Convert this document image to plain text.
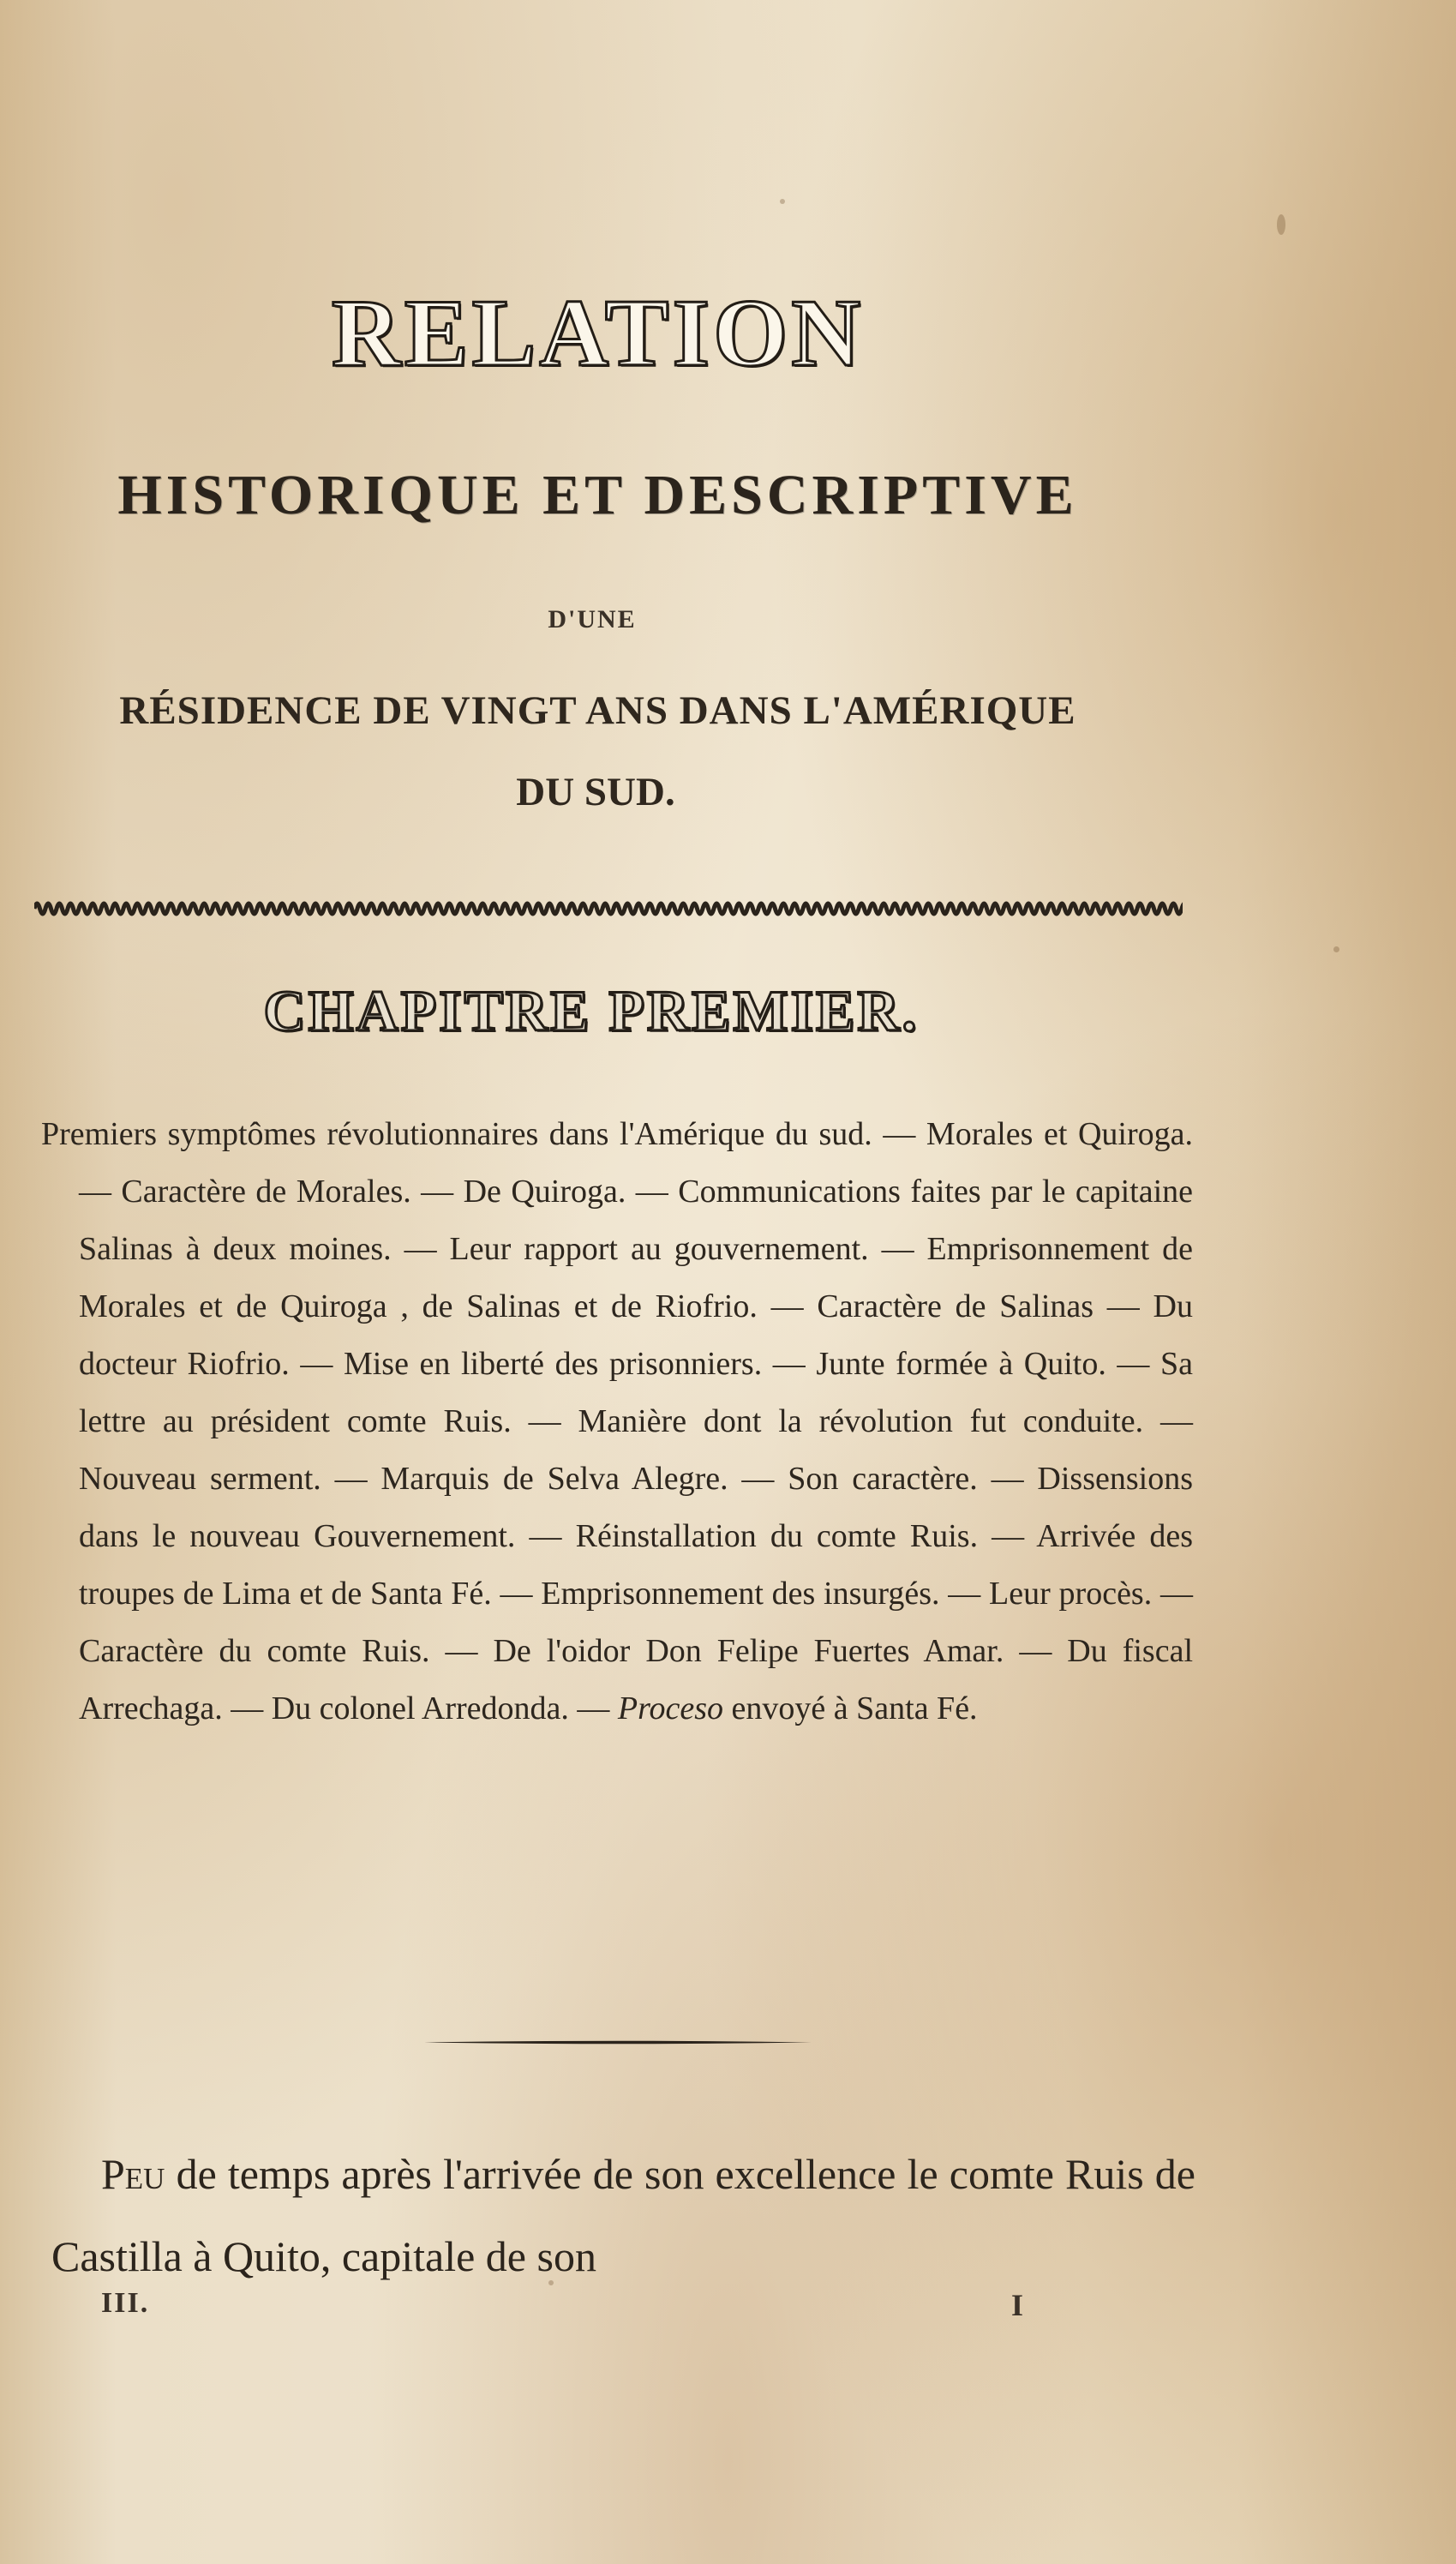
RELATION
HISTORIQUE ET DESCRIPTIVE
D'UNE
RÉSIDENCE DE VINGT ANS DANS L'AMÉRIQUE
DU SUD.
CHAPITRE PREMIER.
Premiers symptômes révolutionnaires dans l'Amérique du sud. — Morales et Quiroga. — Caractère de Morales. — De Quiroga. — Communications faites par le capitaine Salinas à deux moines. — Leur rapport au gouvernement. — Emprisonnement de Morales et de Quiroga , de Salinas et de Riofrio. — Caractère de Salinas — Du docteur Riofrio. — Mise en liberté des prisonniers. — Junte formée à Quito. — Sa lettre au président comte Ruis. — Manière dont la révolution fut conduite. — Nouveau serment. — Marquis de Selva Alegre. — Son caractère. — Dissensions dans le nouveau Gouvernement. — Réinstallation du comte Ruis. — Arrivée des troupes de Lima et de Santa Fé. — Emprisonnement des insurgés. — Leur procès. — Caractère du comte Ruis. — De l'oidor Don Felipe Fuertes Amar. — Du fiscal Arrechaga. — Du colonel Arredonda. — Proceso envoyé à Santa Fé.
Peu de temps après l'arrivée de son excellence le comte Ruis de Castilla à Quito, capitale de son
III.	I
